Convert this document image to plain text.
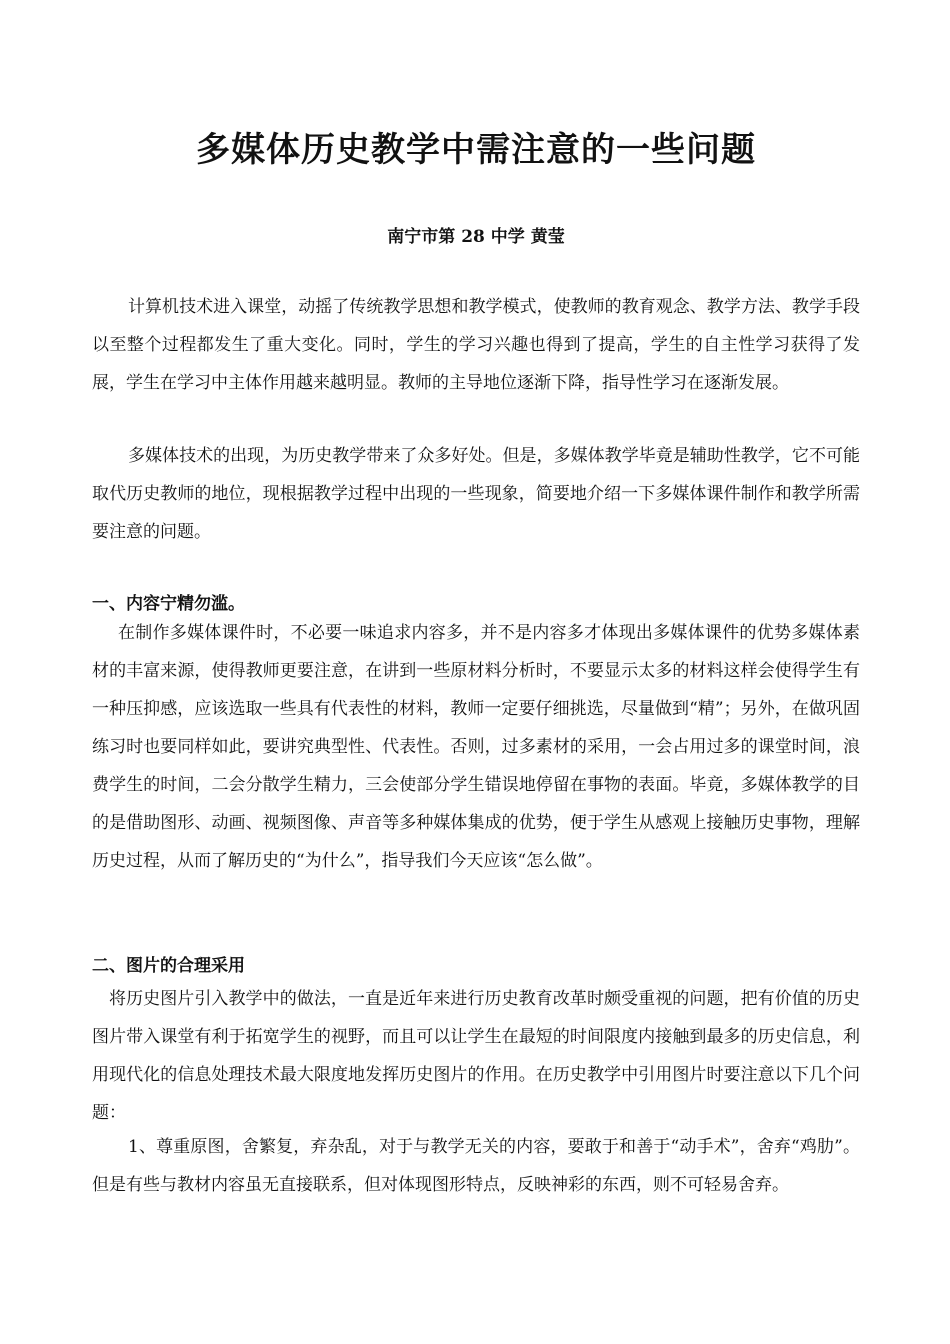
多媒体历史教学中需注意的一些问题

南宁市第 28 中学 黄莹

计算机技术进入课堂，动摇了传统教学思想和教学模式，使教师的教育观念、教学方法、教学手段以至整个过程都发生了重大变化。同时，学生的学习兴趣也得到了提高，学生的自主性学习获得了发展，学生在学习中主体作用越来越明显。教师的主导地位逐渐下降，指导性学习在逐渐发展。

多媒体技术的出现，为历史教学带来了众多好处。但是，多媒体教学毕竟是辅助性教学，它不可能取代历史教师的地位，现根据教学过程中出现的一些现象，简要地介绍一下多媒体课件制作和教学所需要注意的问题。

一、内容宁精勿滥。

在制作多媒体课件时，不必要一味追求内容多，并不是内容多才体现出多媒体课件的优势多媒体素材的丰富来源，使得教师更要注意，在讲到一些原材料分析时，不要显示太多的材料这样会使得学生有一种压抑感，应该选取一些具有代表性的材料，教师一定要仔细挑选，尽量做到“精”；另外，在做巩固练习时也要同样如此，要讲究典型性、代表性。否则，过多素材的采用，一会占用过多的课堂时间，浪费学生的时间，二会分散学生精力，三会使部分学生错误地停留在事物的表面。毕竟，多媒体教学的目的是借助图形、动画、视频图像、声音等多种媒体集成的优势，便于学生从感观上接触历史事物，理解历史过程，从而了解历史的“为什么”，指导我们今天应该“怎么做”。

二、图片的合理采用

将历史图片引入教学中的做法，一直是近年来进行历史教育改革时颇受重视的问题，把有价值的历史图片带入课堂有利于拓宽学生的视野，而且可以让学生在最短的时间限度内接触到最多的历史信息，利用现代化的信息处理技术最大限度地发挥历史图片的作用。在历史教学中引用图片时要注意以下几个问题：

1、尊重原图，舍繁复，弃杂乱，对于与教学无关的内容，要敢于和善于“动手术”，舍弃“鸡肋”。但是有些与教材内容虽无直接联系，但对体现图形特点，反映神彩的东西，则不可轻易舍弃。
